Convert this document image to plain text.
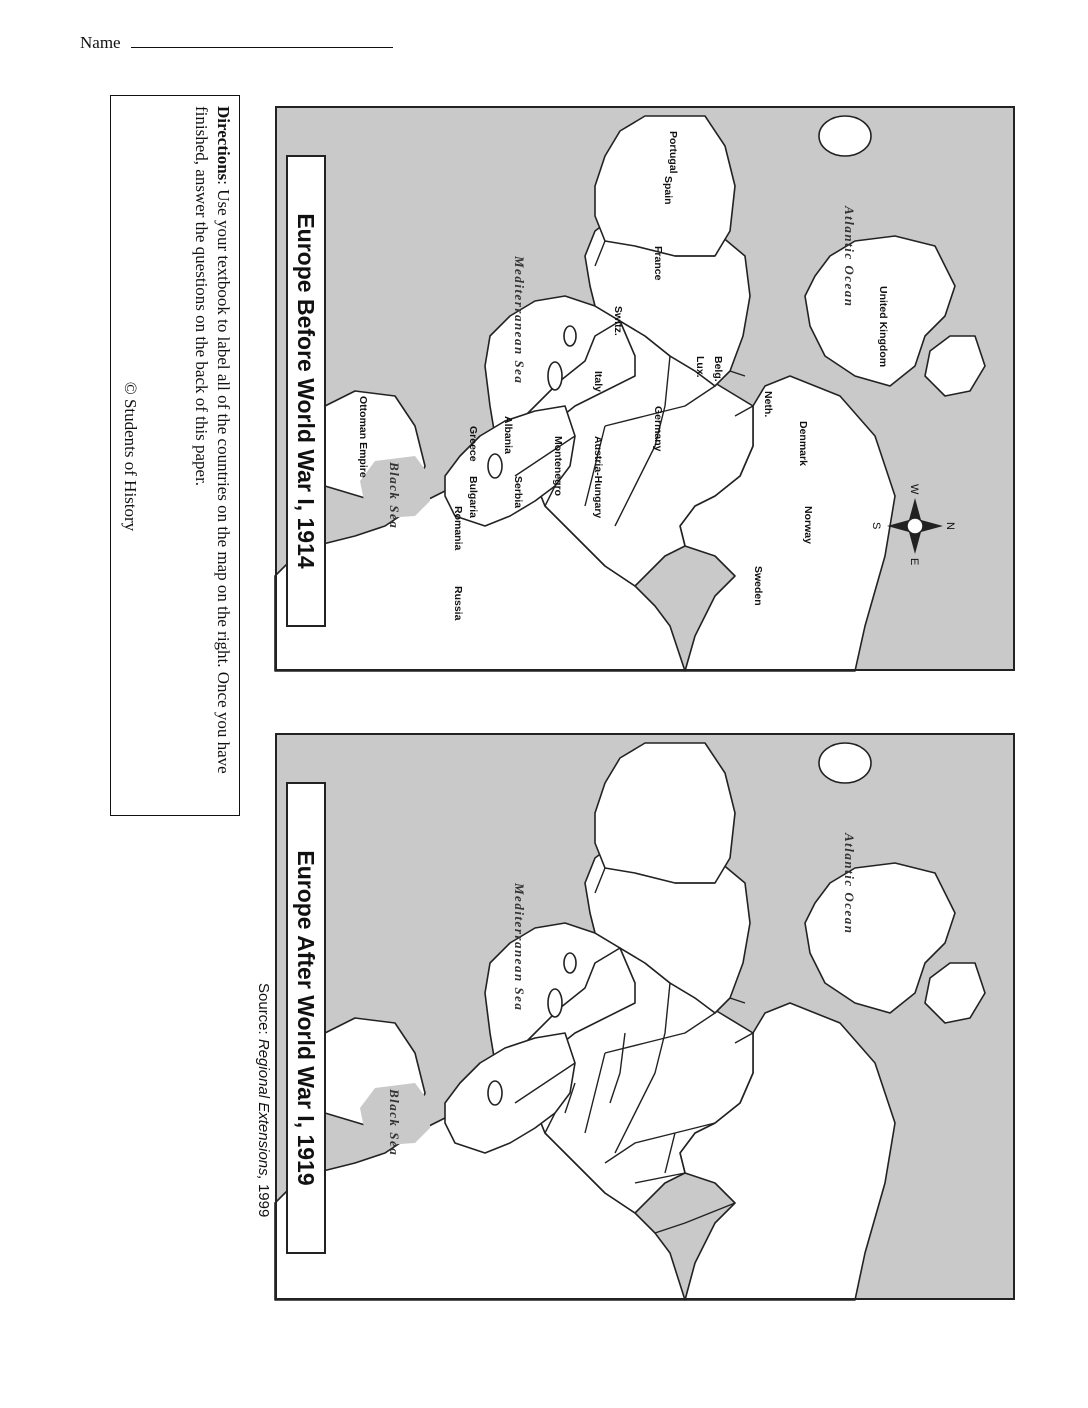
Name
Europe Before World War I, 1914	N
S
E
W
Atlantic Ocean
Mediterranean Sea
Black Sea
Portugal
Spain
France
United Kingdom
Belg.
Lux.
Neth.
Switz.
Italy
Denmark
Norway
Sweden
Germany
Austria-Hungary
Montenegro
Serbia
Albania
Greece
Bulgaria
Romania
Ottoman Empire
Russia
Europe After World War I, 1919	Atlantic Ocean
Mediterranean Sea
Black Sea
Source: Regional Extensions, 1999
Directions: Use your textbook to label all of the countries on the map on the right. Once you have finished, answer the questions on the back of this paper.
© Students of History
